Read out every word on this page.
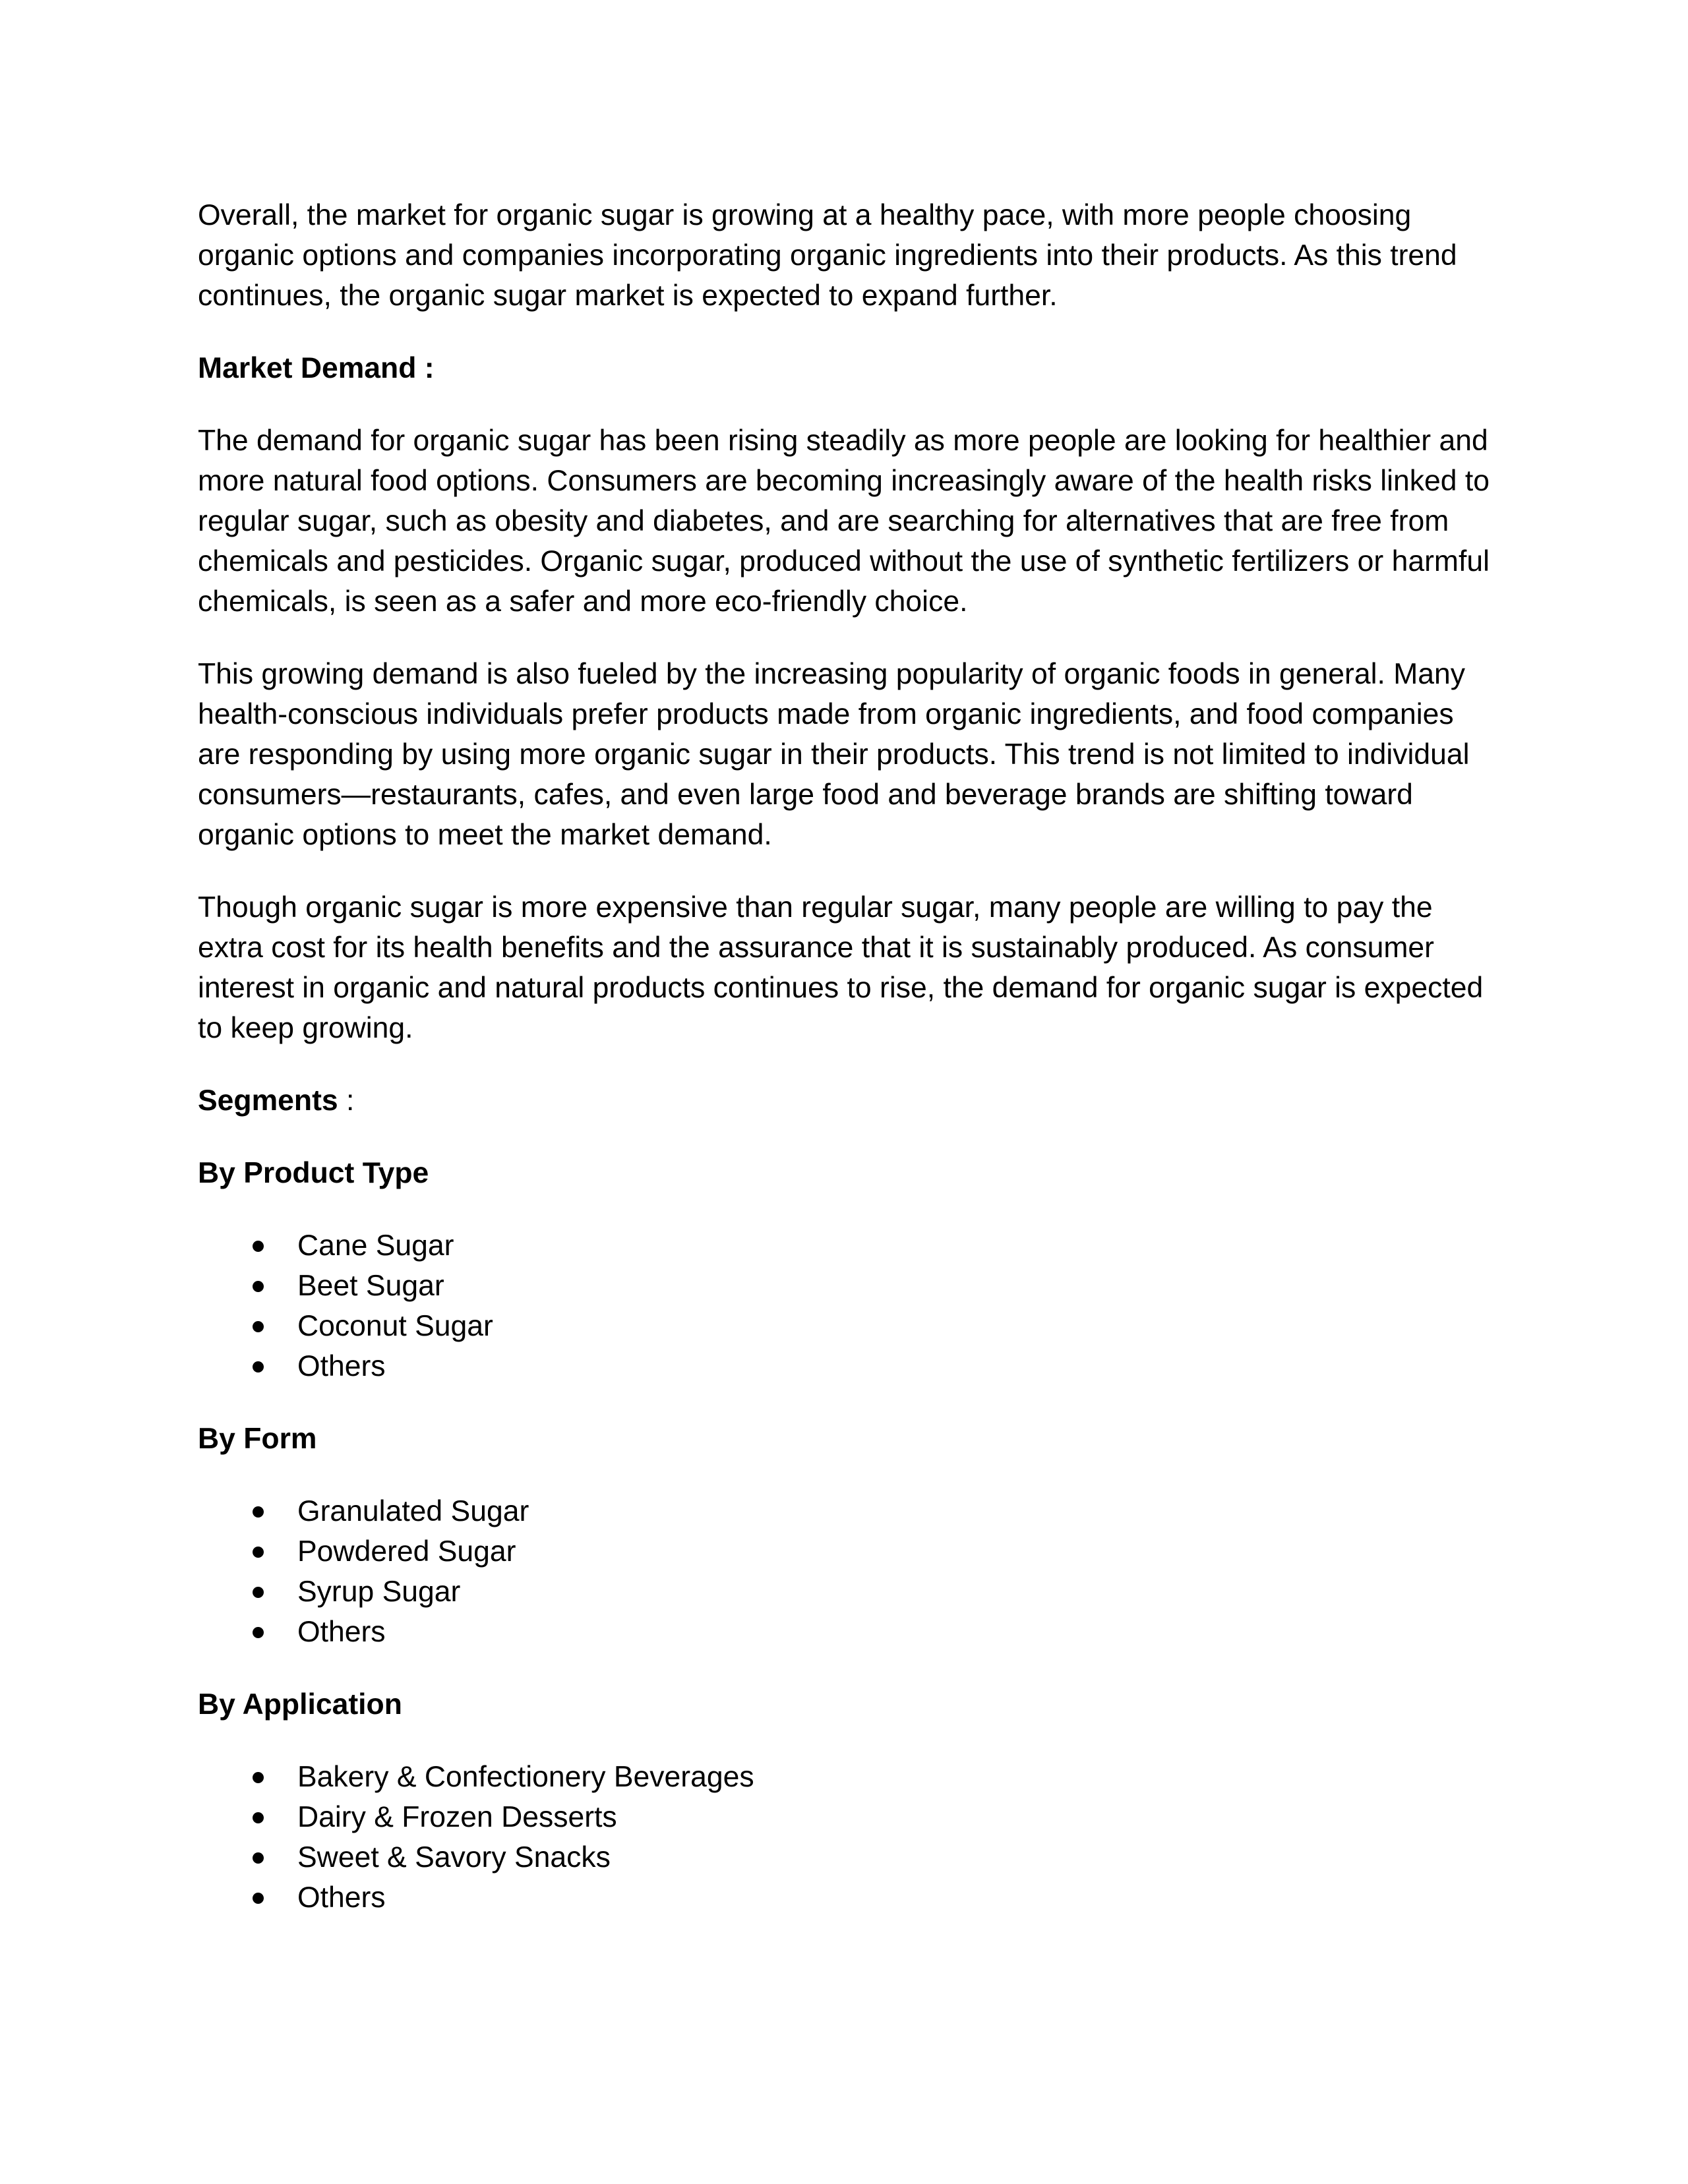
Overall, the market for organic sugar is growing at a healthy pace, with more people choosing organic options and companies incorporating organic ingredients into their products. As this trend continues, the organic sugar market is expected to expand further.

Market Demand :

The demand for organic sugar has been rising steadily as more people are looking for healthier and more natural food options. Consumers are becoming increasingly aware of the health risks linked to regular sugar, such as obesity and diabetes, and are searching for alternatives that are free from chemicals and pesticides. Organic sugar, produced without the use of synthetic fertilizers or harmful chemicals, is seen as a safer and more eco-friendly choice.

This growing demand is also fueled by the increasing popularity of organic foods in general. Many health-conscious individuals prefer products made from organic ingredients, and food companies are responding by using more organic sugar in their products. This trend is not limited to individual consumers—restaurants, cafes, and even large food and beverage brands are shifting toward organic options to meet the market demand.

Though organic sugar is more expensive than regular sugar, many people are willing to pay the extra cost for its health benefits and the assurance that it is sustainably produced. As consumer interest in organic and natural products continues to rise, the demand for organic sugar is expected to keep growing.

Segments :

By Product Type

Cane Sugar
Beet Sugar
Coconut Sugar
Others

By Form

Granulated Sugar
Powdered Sugar
Syrup Sugar
Others

By Application

Bakery & Confectionery Beverages
Dairy & Frozen Desserts
Sweet & Savory Snacks
Others
